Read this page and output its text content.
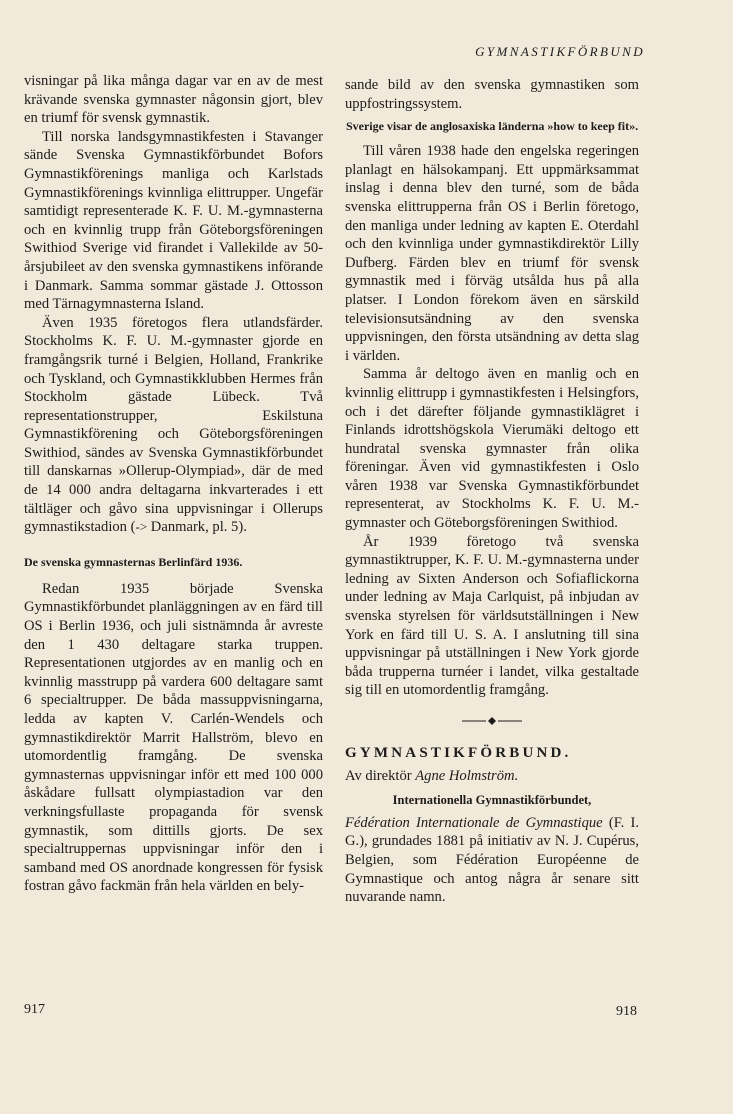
GYMNASTIKFÖRBUND

visningar på lika många dagar var en av de mest krävande svenska gymnaster någonsin gjort, blev en triumf för svensk gymnastik.

Till norska landsgymnastikfesten i Stavanger sände Svenska Gymnastikförbundet Bofors Gymnastikförenings manliga och Karlstads Gymnastikförenings kvinnliga elittrupper. Ungefär samtidigt representerade K. F. U. M.-gymnasterna och en kvinnlig trupp från Göteborgsföreningen Swithiod Sverige vid firandet i Vallekilde av 50-årsjubileet av den svenska gymnastikens införande i Danmark. Samma sommar gästade J. Ottosson med Tärnagymnasterna Island.

Även 1935 företogos flera utlandsfärder. Stockholms K. F. U. M.-gymnaster gjorde en framgångsrik turné i Belgien, Holland, Frankrike och Tyskland, och Gymnastikklubben Hermes från Stockholm gästade Lübeck. Två representationstrupper, Eskilstuna Gymnastikförening och Göteborgsföreningen Swithiod, sändes av Svenska Gymnastikförbundet till danskarnas »Ollerup-Olympiad», där de med de 14 000 andra deltagarna inkvarterades i ett tältläger och gåvo sina uppvisningar i Ollerups gymnastikstadion (-> Danmark, pl. 5).

De svenska gymnasternas Berlinfärd 1936.

Redan 1935 började Svenska Gymnastikförbundet planläggningen av en färd till OS i Berlin 1936, och juli sistnämnda år avreste den 1 430 deltagare starka truppen. Representationen utgjordes av en manlig och en kvinnlig masstrupp på vardera 600 deltagare samt 6 specialtrupper. De båda massuppvisningarna, ledda av kapten V. Carlén-Wendels och gymnastikdirektör Marrit Hallström, blevo en utomordentlig framgång. De svenska gymnasternas uppvisningar inför ett med 100 000 åskådare fullsatt olympiastadion var den verkningsfullaste propaganda för svensk gymnastik, som dittills gjorts. De sex specialtruppernas uppvisningar inför den i samband med OS anordnade kongressen för fysisk fostran gåvo fackmän från hela världen en bely-

sande bild av den svenska gymnastiken som uppfostringssystem.

Sverige visar de anglosaxiska länderna »how to keep fit».

Till våren 1938 hade den engelska regeringen planlagt en hälsokampanj. Ett uppmärksammat inslag i denna blev den turné, som de båda svenska elittrupperna från OS i Berlin företogo, den manliga under ledning av kapten E. Oterdahl och den kvinnliga under gymnastikdirektör Lilly Dufberg. Färden blev en triumf för svensk gymnastik med i förväg utsålda hus på alla platser. I London förekom även en särskild televisionsutsändning av den svenska uppvisningen, den första utsändning av detta slag i världen.

Samma år deltogo även en manlig och en kvinnlig elittrupp i gymnastikfesten i Helsingfors, och i det därefter följande gymnastiklägret i Finlands idrottshögskola Vierumäki deltogo ett hundratal svenska gymnaster från olika föreningar. Även vid gymnastikfesten i Oslo våren 1938 var Svenska Gymnastikförbundet representerat, av Stockholms K. F. U. M.-gymnaster och Göteborgsföreningen Swithiod.

År 1939 företogo två svenska gymnastiktrupper, K. F. U. M.-gymnasterna under ledning av Sixten Anderson och Sofiaflickorna under ledning av Maja Carlquist, på inbjudan av svenska styrelsen för världsutställningen i New York en färd till U. S. A. I anslutning till sina uppvisningar på utställningen i New York gjorde båda trupperna turnéer i landet, vilka gestaltade sig till en utomordentlig framgång.

GYMNASTIKFÖRBUND.
Av direktör Agne Holmström.
Internationella Gymnastikförbundet,

Fédération Internationale de Gymnastique (F. I. G.), grundades 1881 på initiativ av N. J. Cupérus, Belgien, som Fédération Européenne de Gymnastique och antog några år senare sitt nuvarande namn.

917	918
